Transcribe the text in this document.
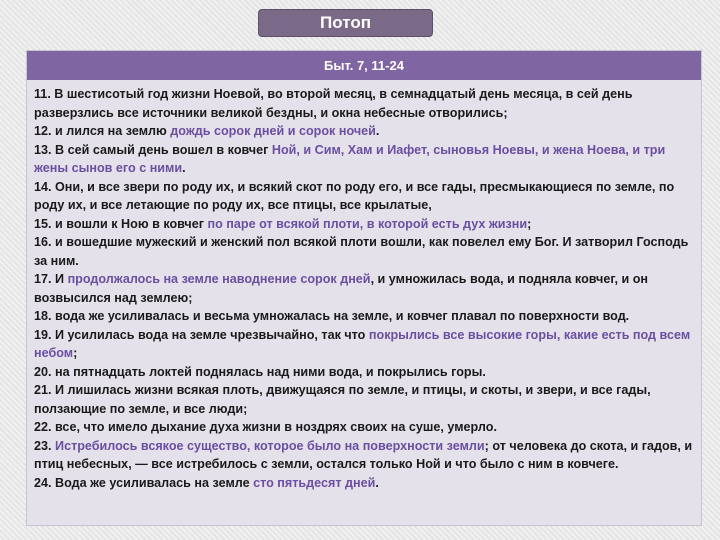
Потоп
Быт. 7, 11-24

11. В шестисотый год жизни Ноевой, во второй месяц, в семнадцатый день месяца, в сей день разверзлись все источники великой бездны, и окна небесные отворились;

12. и лился на землю дождь сорок дней и сорок ночей.

13. В сей самый день вошел в ковчег Ной, и Сим, Хам и Иафет, сыновья Ноевы, и жена Ноева, и три жены сынов его с ними.

14. Они, и все звери по роду их, и всякий скот по роду его, и все гады, пресмыкающиеся по земле, по роду их, и все летающие по роду их, все птицы, все крылатые,

15. и вошли к Ною в ковчег по паре от всякой плоти, в которой есть дух жизни;

16. и вошедшие мужеский и женский пол всякой плоти вошли, как повелел ему Бог. И затворил Господь за ним.

17. И продолжалось на земле наводнение сорок дней, и умножилась вода, и подняла ковчег, и он возвысился над землею;

18. вода же усиливалась и весьма умножалась на земле, и ковчег плавал по поверхности вод.

19. И усилилась вода на земле чрезвычайно, так что покрылись все высокие горы, какие есть под всем небом;

20. на пятнадцать локтей поднялась над ними вода, и покрылись горы.

21. И лишилась жизни всякая плоть, движущаяся по земле, и птицы, и скоты, и звери, и все гады, ползающие по земле, и все люди;

22. все, что имело дыхание духа жизни в ноздрях своих на суше, умерло.

23. Истребилось всякое существо, которое было на поверхности земли; от человека до скота, и гадов, и птиц небесных, — все истребилось с земли, остался только Ной и что было с ним в ковчеге.

24. Вода же усиливалась на земле сто пятьдесят дней.
